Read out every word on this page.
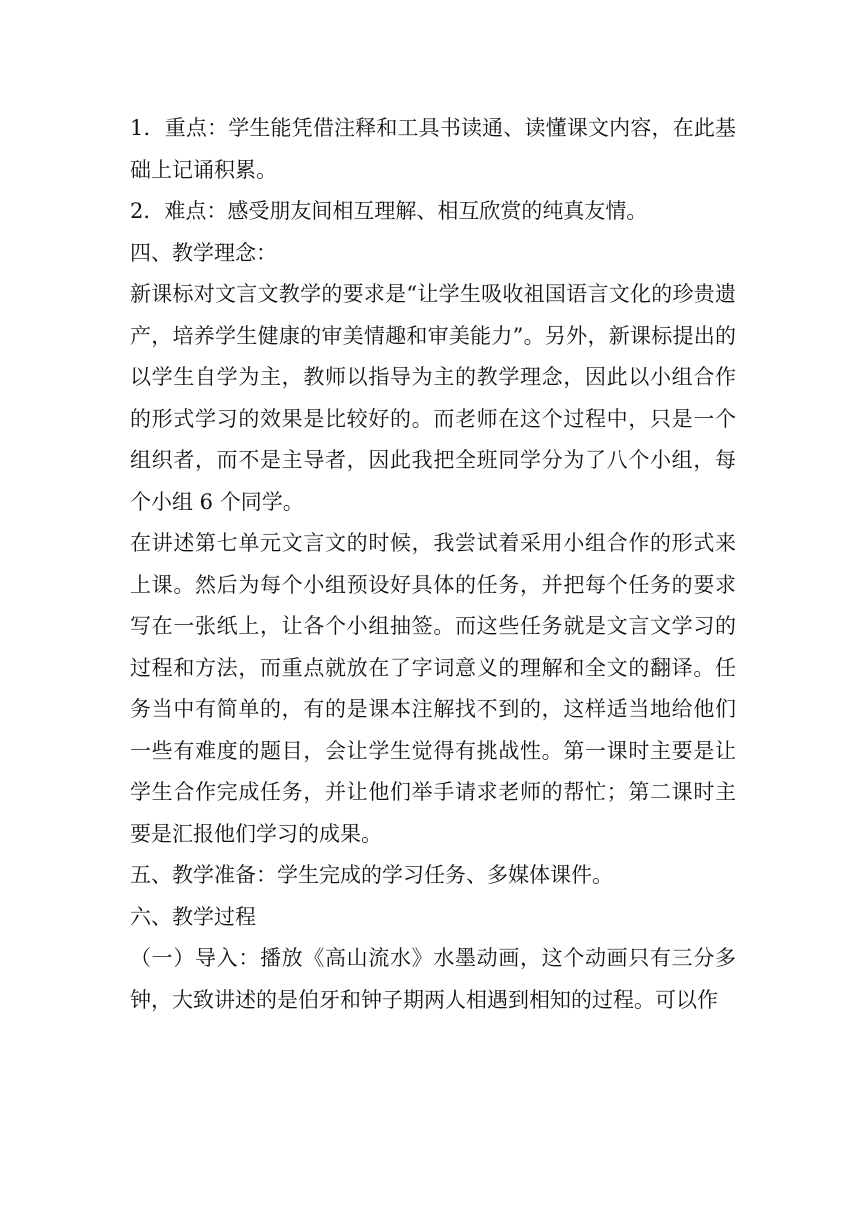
1．重点：学生能凭借注释和工具书读通、读懂课文内容，在此基础上记诵积累。

2．难点：感受朋友间相互理解、相互欣赏的纯真友情。

四、教学理念：

新课标对文言文教学的要求是“让学生吸收祖国语言文化的珍贵遗产，培养学生健康的审美情趣和审美能力”。另外，新课标提出的以学生自学为主，教师以指导为主的教学理念，因此以小组合作的形式学习的效果是比较好的。而老师在这个过程中，只是一个组织者，而不是主导者，因此我把全班同学分为了八个小组，每个小组 6 个同学。

在讲述第七单元文言文的时候，我尝试着采用小组合作的形式来上课。然后为每个小组预设好具体的任务，并把每个任务的要求写在一张纸上，让各个小组抽签。而这些任务就是文言文学习的过程和方法，而重点就放在了字词意义的理解和全文的翻译。任务当中有简单的，有的是课本注解找不到的，这样适当地给他们一些有难度的题目，会让学生觉得有挑战性。第一课时主要是让学生合作完成任务，并让他们举手请求老师的帮忙；第二课时主要是汇报他们学习的成果。

五、教学准备：学生完成的学习任务、多媒体课件。

六、教学过程

（一）导入：播放《高山流水》水墨动画，这个动画只有三分多钟，大致讲述的是伯牙和钟子期两人相遇到相知的过程。可以作
